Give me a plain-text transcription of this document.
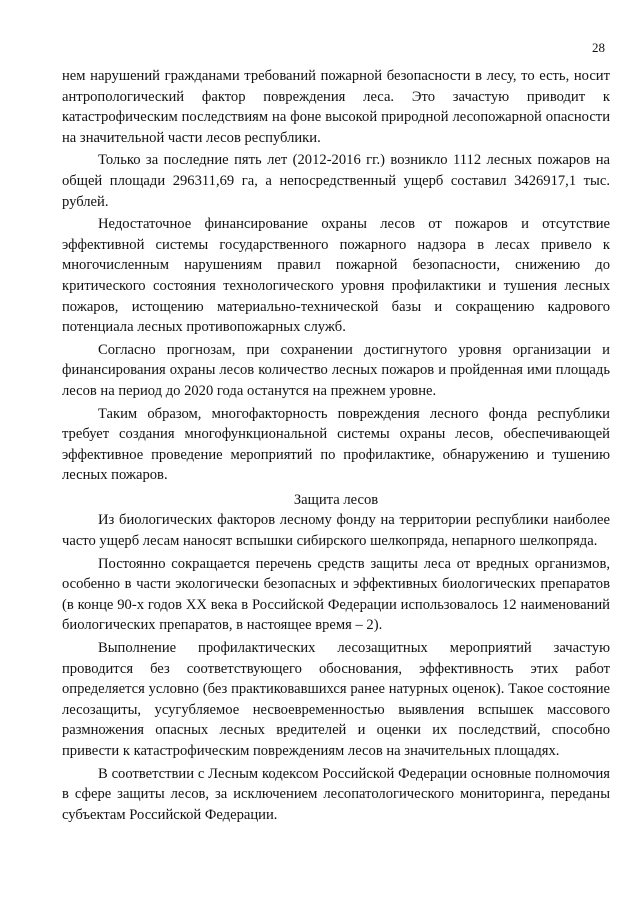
28

нем нарушений гражданами требований пожарной безопасности в лесу, то есть, носит антропологический фактор повреждения леса. Это зачастую приводит к катастрофическим последствиям на фоне высокой природной лесопожарной опасности на значительной части лесов республики.

Только за последние пять лет (2012-2016 гг.) возникло 1112 лесных пожаров на общей площади 296311,69 га, а непосредственный ущерб составил 3426917,1 тыс. рублей.

Недостаточное финансирование охраны лесов от пожаров и отсутствие эффективной системы государственного пожарного надзора в лесах привело к многочисленным нарушениям правил пожарной безопасности, снижению до критического состояния технологического уровня профилактики и тушения лесных пожаров, истощению материально-технической базы и сокращению кадрового потенциала лесных противопожарных служб.

Согласно прогнозам, при сохранении достигнутого уровня организации и финансирования охраны лесов количество лесных пожаров и пройденная ими площадь лесов на период до 2020 года останутся на прежнем уровне.

Таким образом, многофакторность повреждения лесного фонда республики требует создания многофункциональной системы охраны лесов, обеспечивающей эффективное проведение мероприятий по профилактике, обнаружению и тушению лесных пожаров.

Защита лесов

Из биологических факторов лесному фонду на территории республики наиболее часто ущерб лесам наносят вспышки сибирского шелкопряда, непарного шелкопряда.

Постоянно сокращается перечень средств защиты леса от вредных организмов, особенно в части экологически безопасных и эффективных биологических препаратов (в конце 90-х годов XX века в Российской Федерации использовалось 12 наименований биологических препаратов, в настоящее время – 2).

Выполнение профилактических лесозащитных мероприятий зачастую проводится без соответствующего обоснования, эффективность этих работ определяется условно (без практиковавшихся ранее натурных оценок). Такое состояние лесозащиты, усугубляемое несвоевременностью выявления вспышек массового размножения опасных лесных вредителей и оценки их последствий, способно привести к катастрофическим повреждениям лесов на значительных площадях.

В соответствии с Лесным кодексом Российской Федерации основные полномочия в сфере защиты лесов, за исключением лесопатологического мониторинга, переданы субъектам Российской Федерации.
